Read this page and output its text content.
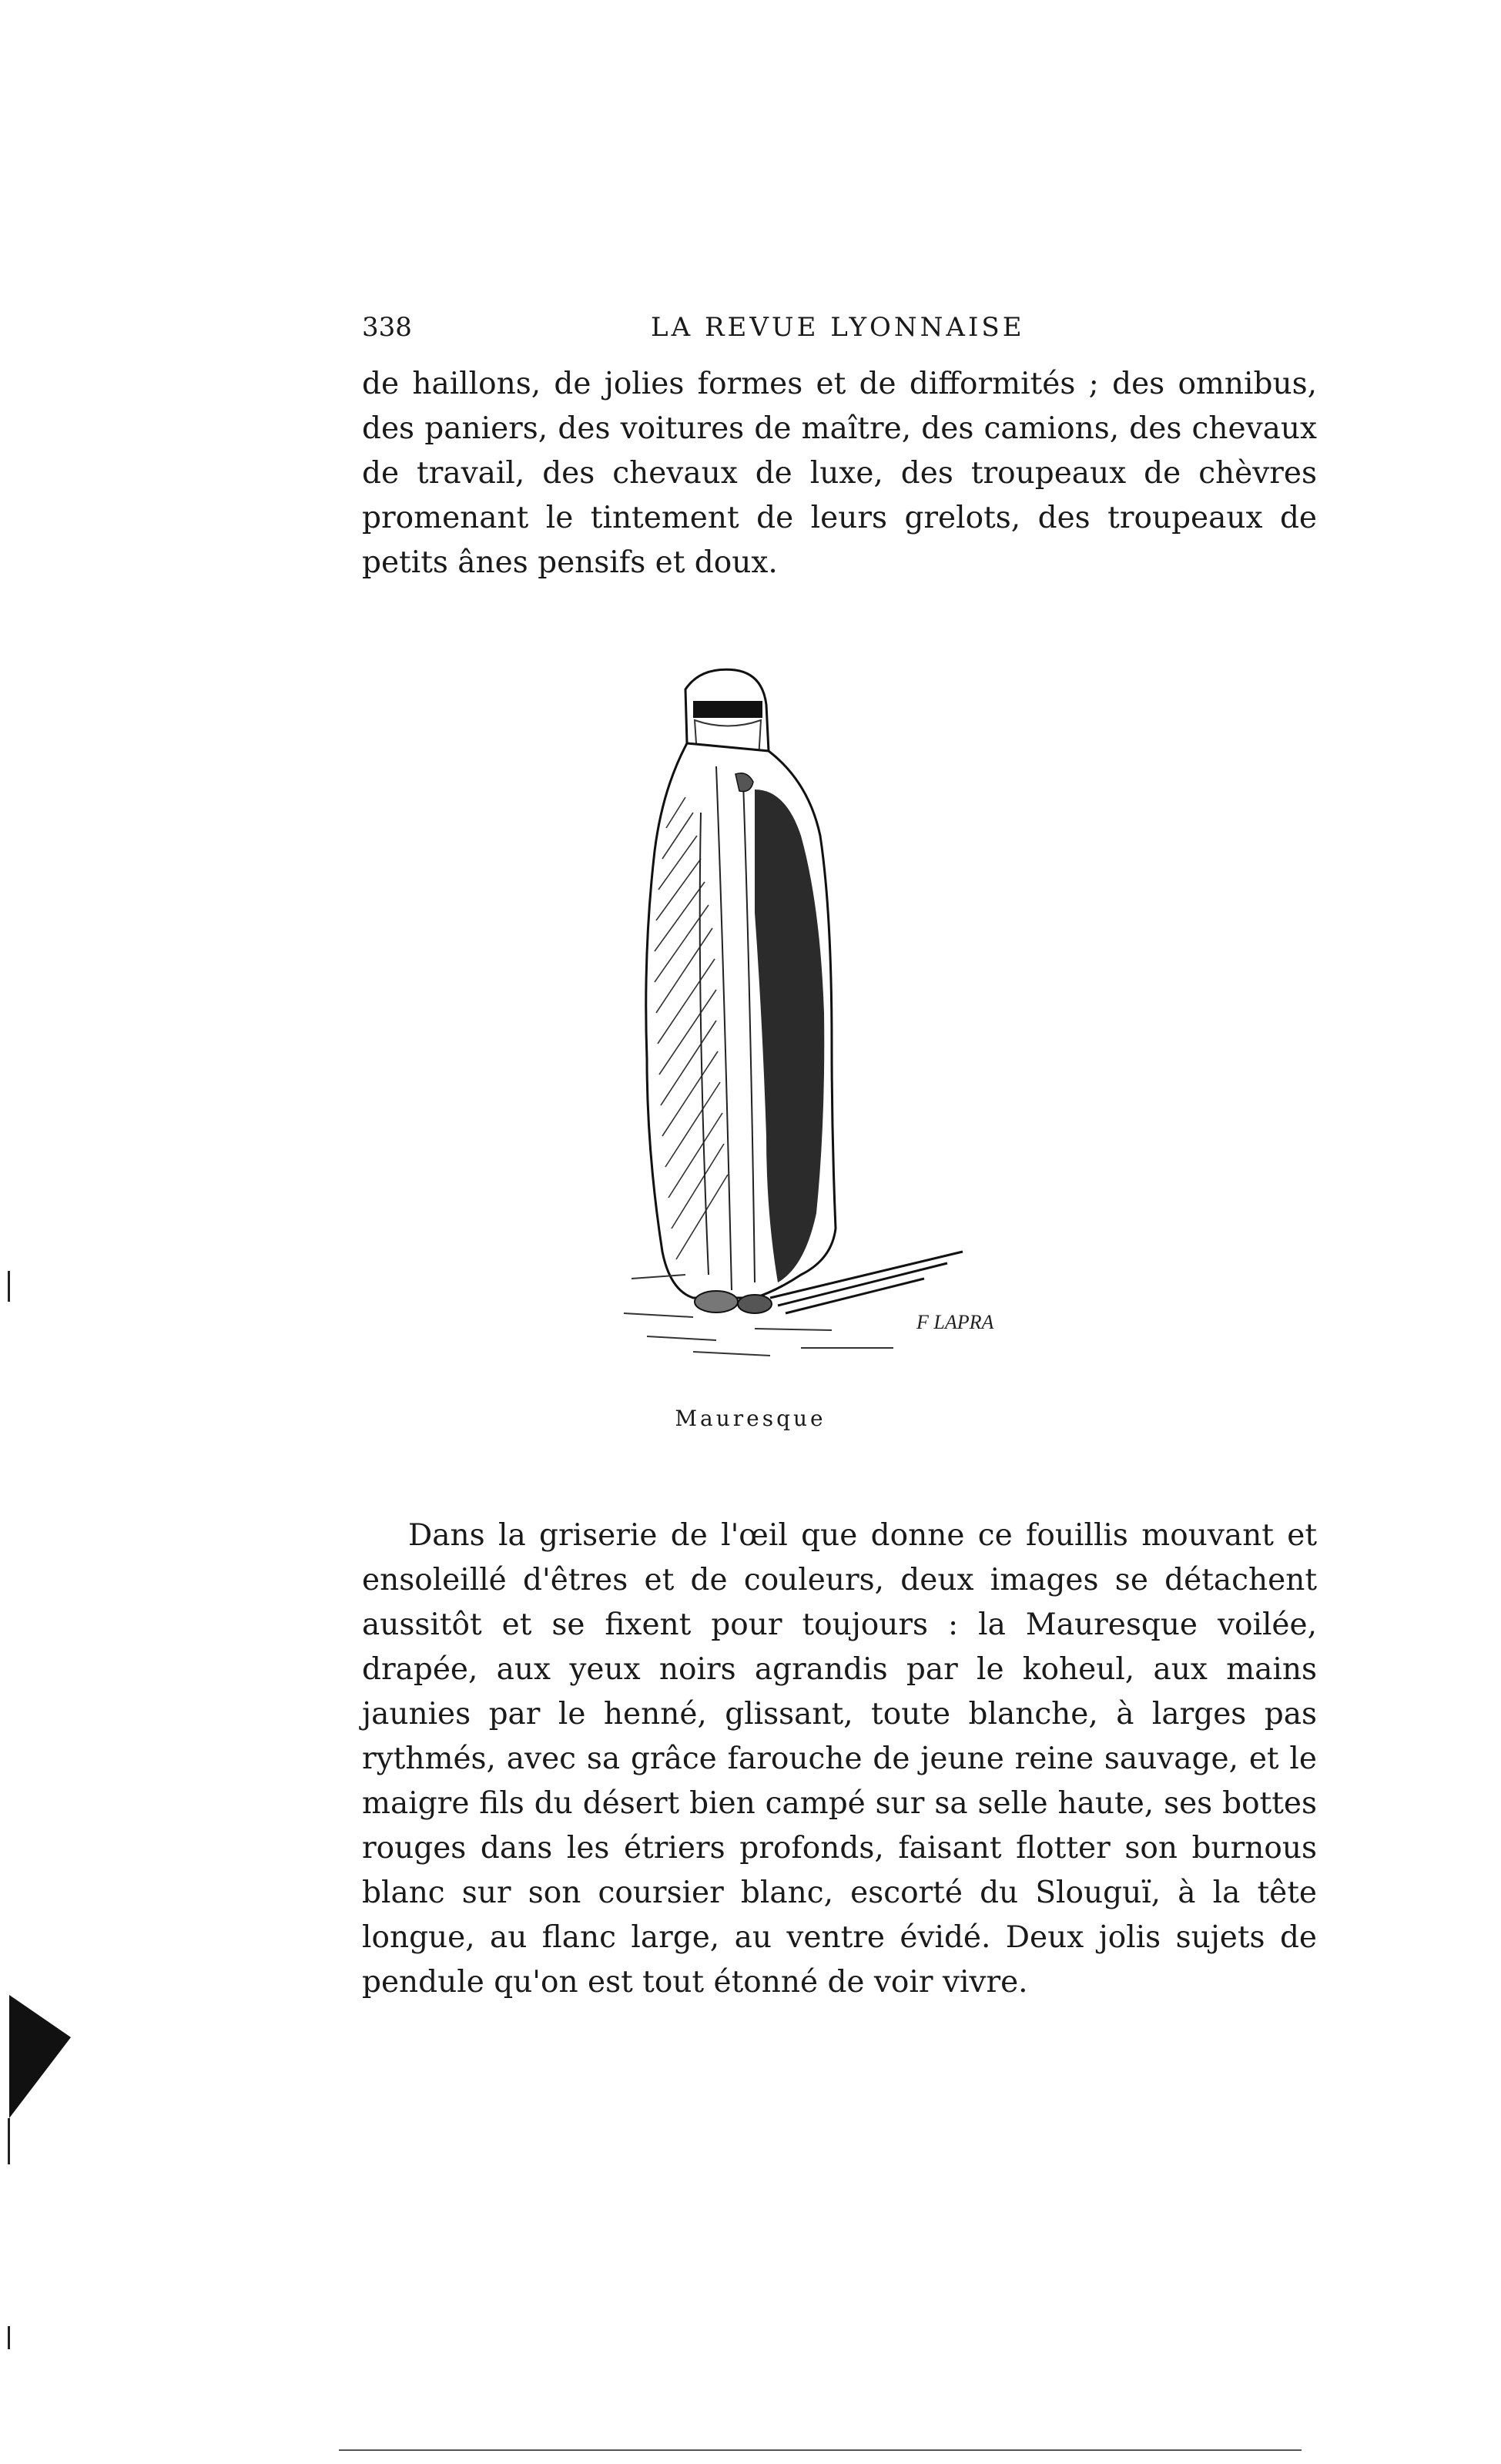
338	LA REVUE LYONNAISE

de haillons, de jolies formes et de difformités ; des omnibus, des paniers, des voitures de maître, des camions, des chevaux de travail, des chevaux de luxe, des troupeaux de chèvres promenant le tintement de leurs grelots, des troupeaux de petits ânes pensifs et doux.

F LAPRA
Mauresque

Dans la griserie de l'œil que donne ce fouillis mouvant et ensoleillé d'êtres et de couleurs, deux images se détachent aussitôt et se fixent pour toujours : la Mauresque voilée, drapée, aux yeux noirs agrandis par le koheul, aux mains jaunies par le henné, glissant, toute blanche, à larges pas rythmés, avec sa grâce farouche de jeune reine sauvage, et le maigre fils du désert bien campé sur sa selle haute, ses bottes rouges dans les étriers profonds, faisant flotter son burnous blanc sur son coursier blanc, escorté du Slouguï, à la tête longue, au flanc large, au ventre évidé. Deux jolis sujets de pendule qu'on est tout étonné de voir vivre.
